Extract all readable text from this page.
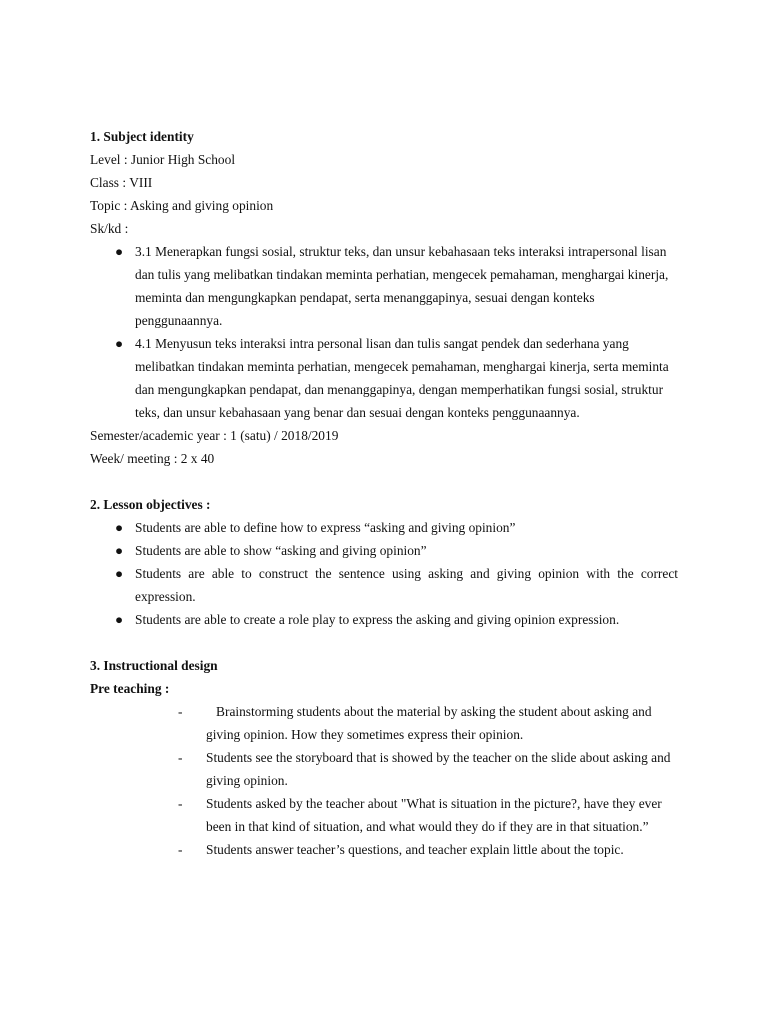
1. Subject identity

Level : Junior High School

Class : VIII

Topic : Asking and giving opinion

Sk/kd :

● 3.1 Menerapkan fungsi sosial, struktur teks, dan unsur kebahasaan teks interaksi intrapersonal lisan dan tulis yang melibatkan tindakan meminta perhatian, mengecek pemahaman, menghargai kinerja, meminta dan mengungkapkan pendapat, serta menanggapinya, sesuai dengan konteks penggunaannya.
● 4.1 Menyusun teks interaksi intra personal lisan dan tulis sangat pendek dan sederhana yang melibatkan tindakan meminta perhatian, mengecek pemahaman, menghargai kinerja, serta meminta dan mengungkapkan pendapat, dan menanggapinya, dengan memperhatikan fungsi sosial, struktur teks, dan unsur kebahasaan yang benar dan sesuai dengan konteks penggunaannya.

Semester/academic year : 1 (satu) / 2018/2019

Week/ meeting : 2 x 40

2. Lesson objectives :
● Students are able to define how to express “asking and giving opinion”
● Students are able to show “asking and giving opinion”
● Students are able to construct the sentence using asking and giving opinion with the correct expression.
● Students are able to create a role play to express the asking and giving opinion expression.
3. Instructional design
Pre teaching :
- Brainstorming students about the material by asking the student about asking and giving opinion. How they sometimes express their opinion.
- Students see the storyboard that is showed by the teacher on the slide about asking and giving opinion.
- Students asked by the teacher about "What is situation in the picture?, have they ever been in that kind of situation, and what would they do if they are in that situation.”
- Students answer teacher’s questions, and teacher explain little about the topic.
